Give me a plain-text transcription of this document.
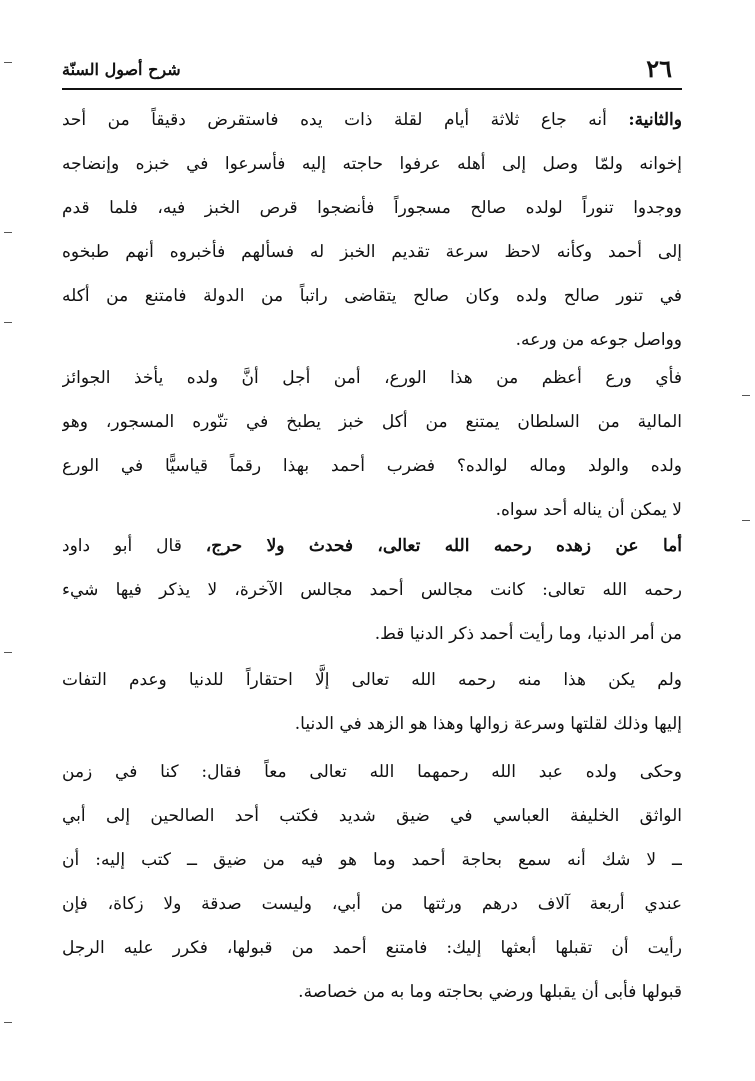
٢٦
شرح أصول السنّة
والثانية: أنه جاع ثلاثة أيام لقلة ذات يده فاستقرض دقيقاً من أحد
إخوانه ولمّا وصل إلى أهله عرفوا حاجته إليه فأسرعوا في خبزه وإنضاجه
ووجدوا تنوراً لولده صالح مسجوراً فأنضجوا قرص الخبز فيه، فلما قدم
إلى أحمد وكأنه لاحظ سرعة تقديم الخبز له فسألهم فأخبروه أنهم طبخوه
في تنور صالح ولده وكان صالح يتقاضى راتباً من الدولة فامتنع من أكله
وواصل جوعه من ورعه.
فأي ورع أعظم من هذا الورع، أمن أجل أنَّ ولده يأخذ الجوائز
المالية من السلطان يمتنع من أكل خبز يطبخ في تنّوره المسجور، وهو
ولده والولد وماله لوالده؟ فضرب أحمد بهذا رقماً قياسيًّا في الورع
لا يمكن أن يناله أحد سواه.
أما عن زهده رحمه الله تعالى، فحدث ولا حرج، قال أبو داود
رحمه الله تعالى: كانت مجالس أحمد مجالس الآخرة، لا يذكر فيها شيء
من أمر الدنيا، وما رأيت أحمد ذكر الدنيا قط.
ولم يكن هذا منه رحمه الله تعالى إلَّا احتقاراً للدنيا وعدم التفات
إليها وذلك لقلتها وسرعة زوالها وهذا هو الزهد في الدنيا.
وحكى ولده عبد الله رحمهما الله تعالى معاً فقال: كنا في زمن
الواثق الخليفة العباسي في ضيق شديد فكتب أحد الصالحين إلى أبي
ــ لا شك أنه سمع بحاجة أحمد وما هو فيه من ضيق ــ كتب إليه: أن
عندي أربعة آلاف درهم ورثتها من أبي، وليست صدقة ولا زكاة، فإن
رأيت أن تقبلها أبعثها إليك: فامتنع أحمد من قبولها، فكرر عليه الرجل
قبولها فأبى أن يقبلها ورضي بحاجته وما به من خصاصة.
